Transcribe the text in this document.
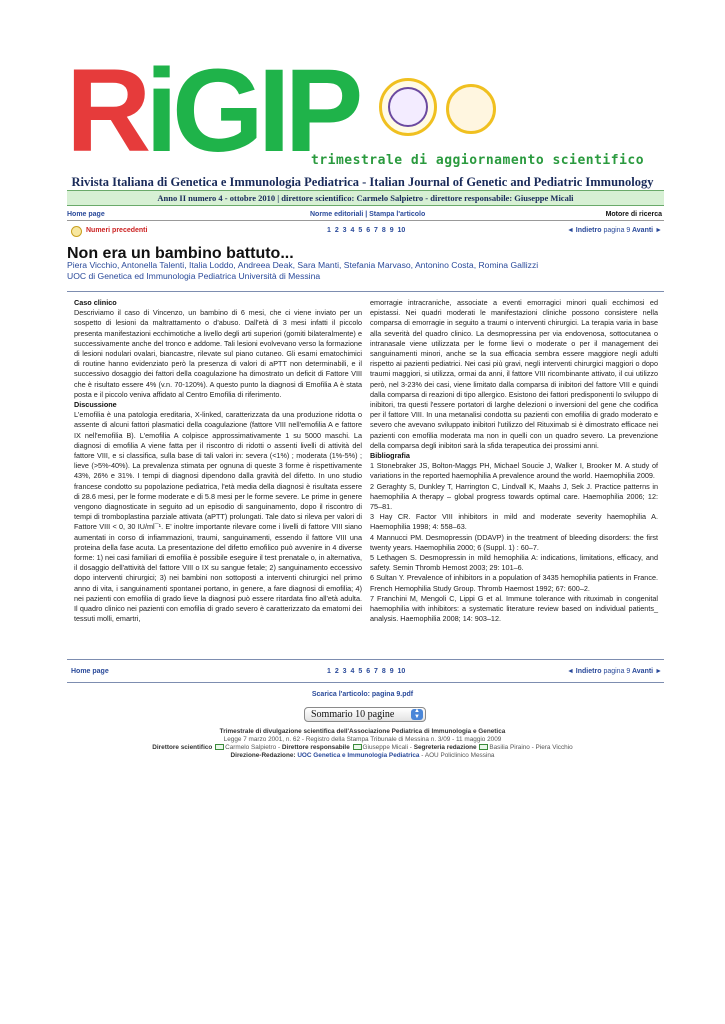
RiGIP
trimestrale di aggiornamento scientifico
Rivista Italiana di Genetica e Immunologia Pediatrica - Italian Journal of Genetic and Pediatric Immunology
Anno II numero 4 - ottobre 2010 | direttore scientifico: Carmelo Salpietro - direttore responsabile: Giuseppe Micali
Home page	Norme editoriali | Stampa l'articolo	Motore di ricerca
Numeri precedenti	1 2 3 4 5 6 7 8 9 10	◄ Indietro pagina 9 Avanti ►
Non era un bambino battuto...
Piera Vicchio, Antonella Talenti, Italia Loddo, Andreea Deak, Sara Manti, Stefania Marvaso, Antonino Costa, Romina Gallizzi
UOC di Genetica ed Immunologia Pediatrica Università di Messina
Caso clinico

Descriviamo il caso di Vincenzo, un bambino di 6 mesi, che ci viene inviato per un sospetto di lesioni da maltrattamento o d'abuso. Dall'età di 3 mesi infatti il piccolo presenta manifestazioni ecchimotiche a livello degli arti superiori (gomiti bilateralmente) e successivamente anche del tronco e addome. Tali lesioni evolvevano verso la formazione di lesioni nodulari ovalari, biancastre, rilevate sul piano cutaneo. Gli esami ematochimici di routine hanno evidenziato però la presenza di valori di aPTT non determinabili, e il successivo dosaggio dei fattori della coagulazione ha dimostrato un deficit di Fattore VIII che è risultato essere 4% (v.n. 70-120%). A questo punto la diagnosi di Emofilia A è stata posta e il piccolo veniva affidato al Centro Emofilia di riferimento.

Discussione

L'emofilia è una patologia ereditaria, X-linked, caratterizzata da una produzione ridotta o assente di alcuni fattori plasmatici della coagulazione (fattore VIII nell'emofilia A e fattore IX nell'emofilia B). L'emofilia A colpisce approssimativamente 1 su 5000 maschi. La diagnosi di emofilia A viene fatta per il riscontro di ridotti o assenti livelli di attività del fattore VIII, e si classifica, sulla base di tali valori in: severa (<1%) ; moderata (1%-5%) ; lieve (>5%-40%). La prevalenza stimata per ognuna di queste 3 forme è rispettivamente 43%, 26% e 31%. I tempi di diagnosi dipendono dalla gravità del difetto. In uno studio francese condotto su popolazione pediatrica, l'età media della diagnosi è risultata essere di 28.6 mesi, per le forme moderate e di 5.8 mesi per le forme severe. Le prime in genere vengono diagnosticate in seguito ad un episodio di sanguinamento, dopo il riscontro di tempi di tromboplastina parziale attivata (aPTT) prolungati. Tale dato si rileva per valori di Fattore VIII < 0, 30 IU/ml¯¹. E' inoltre importante rilevare come i livelli di fattore VIII siano aumentati in corso di infiammazioni, traumi, sanguinamenti, essendo il fattore VIII una proteina della fase acuta. La presentazione del difetto emofilico può avvenire in 4 diverse forme: 1) nei casi familiari di emofilia è possibile eseguire il test prenatale o, in alternativa, il dosaggio dell'attività del fattore VIII o IX su sangue fetale; 2) sanguinamento eccessivo dopo interventi chirurgici; 3) nei bambini non sottoposti a interventi chirurgici nel primo anno di vita, i sanguinamenti spontanei portano, in genere, a fare diagnosi di emofilia; 4) nei pazienti con emofilia di grado lieve la diagnosi può essere ritardata fino all'età adulta. Il quadro clinico nei pazienti con emofilia di grado severo è caratterizzato da ematomi dei tessuti molli, emartri,

emorragie intracraniche, associate a eventi emorragici minori quali ecchimosi ed epistassi. Nei quadri moderati le manifestazioni cliniche possono consistere nella comparsa di emorragie in seguito a traumi o interventi chirurgici. La terapia varia in base alla severità del quadro clinico. La desmopressina per via endovenosa, sottocutanea o intranasale viene utilizzata per le forme lievi o moderate o per il management dei sanguinamenti minori, anche se la sua efficacia sembra essere maggiore negli adulti rispetto ai pazienti pediatrici. Nei casi più gravi, negli interventi chirurgici maggiori o dopo traumi maggiori, si utilizza, ormai da anni, il fattore VIII ricombinante attivato, il cui utilizzo però, nel 3-23% dei casi, viene limitato dalla comparsa di inibitori del fattore VIII e quindi dalla comparsa di reazioni di tipo allergico. Esistono dei fattori predisponenti lo sviluppo di inibitori, tra questi l'essere portatori di larghe delezioni o inversioni del gene che codifica per il fattore VIII. In una metanalisi condotta su pazienti con emofilia di grado moderato e severo che avevano sviluppato inibitori l'utilizzo del Rituximab si è dimostrato efficace nei pazienti con emofilia moderata ma non in quelli con un quadro severo. La prevenzione della comparsa degli inibitori sarà la sfida terapeutica dei prossimi anni.

Bibliografia

1 Stonebraker JS, Bolton-Maggs PH, Michael Soucie J, Walker I, Brooker M. A study of variations in the reported haemophilia A prevalence around the world. Haemophilia 2009.

2 Geraghty S, Dunkley T, Harrington C, Lindvall K, Maahs J, Sek J. Practice patterns in haemophilia A therapy – global progress towards optimal care. Haemophilia 2006; 12: 75–81.

3 Hay CR. Factor VIII inhibitors in mild and moderate severity haemophilia A. Haemophilia 1998; 4: 558–63.

4 Mannucci PM. Desmopressin (DDAVP) in the treatment of bleeding disorders: the first twenty years. Haemophilia 2000; 6 (Suppl. 1) : 60–7.

5 Lethagen S. Desmopressin in mild hemophilia A: indications, limitations, efficacy, and safety. Semin Thromb Hemost 2003; 29: 101–6.

6 Sultan Y. Prevalence of inhibitors in a population of 3435 hemophilia patients in France. French Hemophilia Study Group. Thromb Haemost 1992; 67: 600–2.

7 Franchini M, Mengoli C, Lippi G et al. Immune tolerance with rituximab in congenital haemophilia with inhibitors: a systematic literature review based on individual patients_ analysis. Haemophilia 2008; 14: 903–12.

Home page	1 2 3 4 5 6 7 8 9 10	◄ Indietro pagina 9 Avanti ►
Scarica l'articolo: pagina 9.pdf
Sommario 10 pagine	▲
▼
Trimestrale di divulgazione scientifica dell'Associazione Pediatrica di Immunologia e Genetica
Legge 7 marzo 2001, n. 62 - Registro della Stampa Tribunale di Messina n. 3/09 - 11 maggio 2009
Direttore scientifico Carmelo Salpietro - Direttore responsabile Giuseppe Micali - Segreteria redazione Basilia Piraino - Piera Vicchio
Direzione-Redazione: UOC Genetica e Immunologia Pediatrica - AOU Policlinico Messina
